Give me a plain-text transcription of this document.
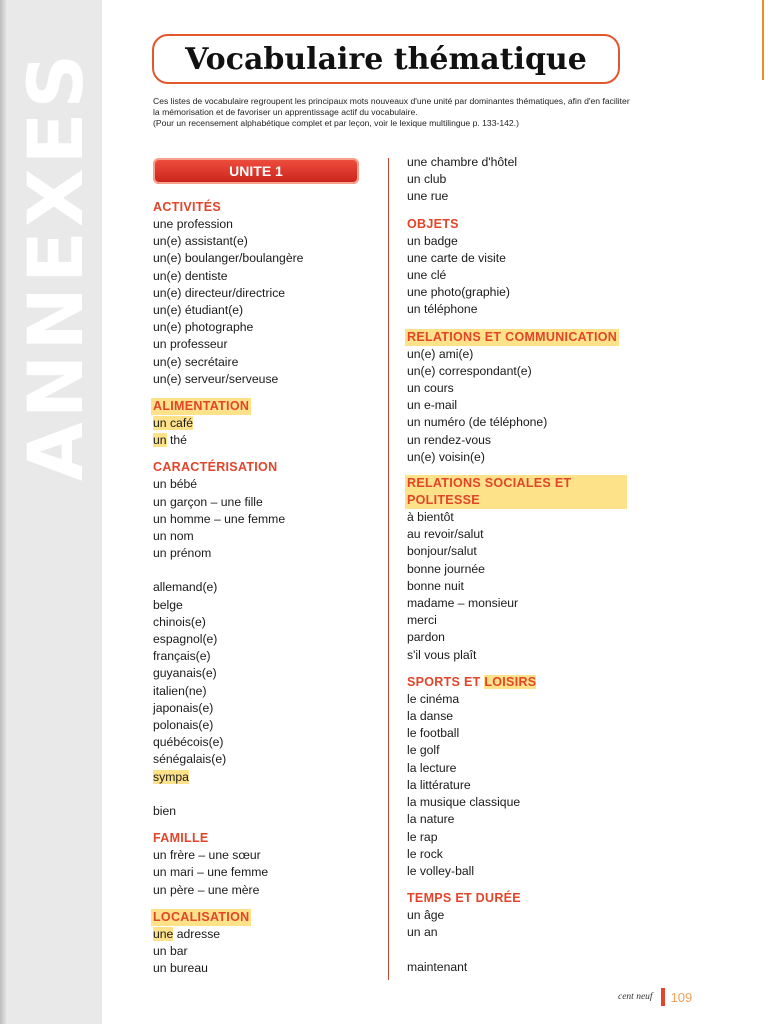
ANNEXES	Vocabulaire thématique

Ces listes de vocabulaire regroupent les principaux mots nouveaux d'une unité par dominantes thématiques, afin d'en faciliter

la mémorisation et de favoriser un apprentissage actif du vocabulaire.

(Pour un recensement alphabétique complet et par leçon, voir le lexique multilingue p. 133-142.)

UNITE 1
ACTIVITÉS
une profession
un(e) assistant(e)
un(e) boulanger/boulangère
un(e) dentiste
un(e) directeur/directrice
un(e) étudiant(e)
un(e) photographe
un professeur
un(e) secrétaire
un(e) serveur/serveuse
ALIMENTATION
un café
un thé
CARACTÉRISATION
un bébé
un garçon – une fille
un homme – une femme
un nom
un prénom
allemand(e)
belge
chinois(e)
espagnol(e)
français(e)
guyanais(e)
italien(ne)
japonais(e)
polonais(e)
québécois(e)
sénégalais(e)
sympa
bien
FAMILLE
un frère – une sœur
un mari – une femme
un père – une mère
LOCALISATION
une adresse
un bar
un bureau
une chambre d'hôtel
un club
une rue
OBJETS
un badge
une carte de visite
une clé
une photo(graphie)
un téléphone
RELATIONS ET COMMUNICATION
un(e) ami(e)
un(e) correspondant(e)
un cours
un e-mail
un numéro (de téléphone)
un rendez-vous
un(e) voisin(e)
RELATIONS SOCIALES ET POLITESSE
à bientôt
au revoir/salut
bonjour/salut
bonne journée
bonne nuit
madame – monsieur
merci
pardon
s'il vous plaît
SPORTS ET LOISIRS
le cinéma
la danse
le football
le golf
la lecture
la littérature
la musique classique
la nature
le rap
le rock
le volley-ball
TEMPS ET DURÉE
un âge
un an
maintenant
cent neuf 109
